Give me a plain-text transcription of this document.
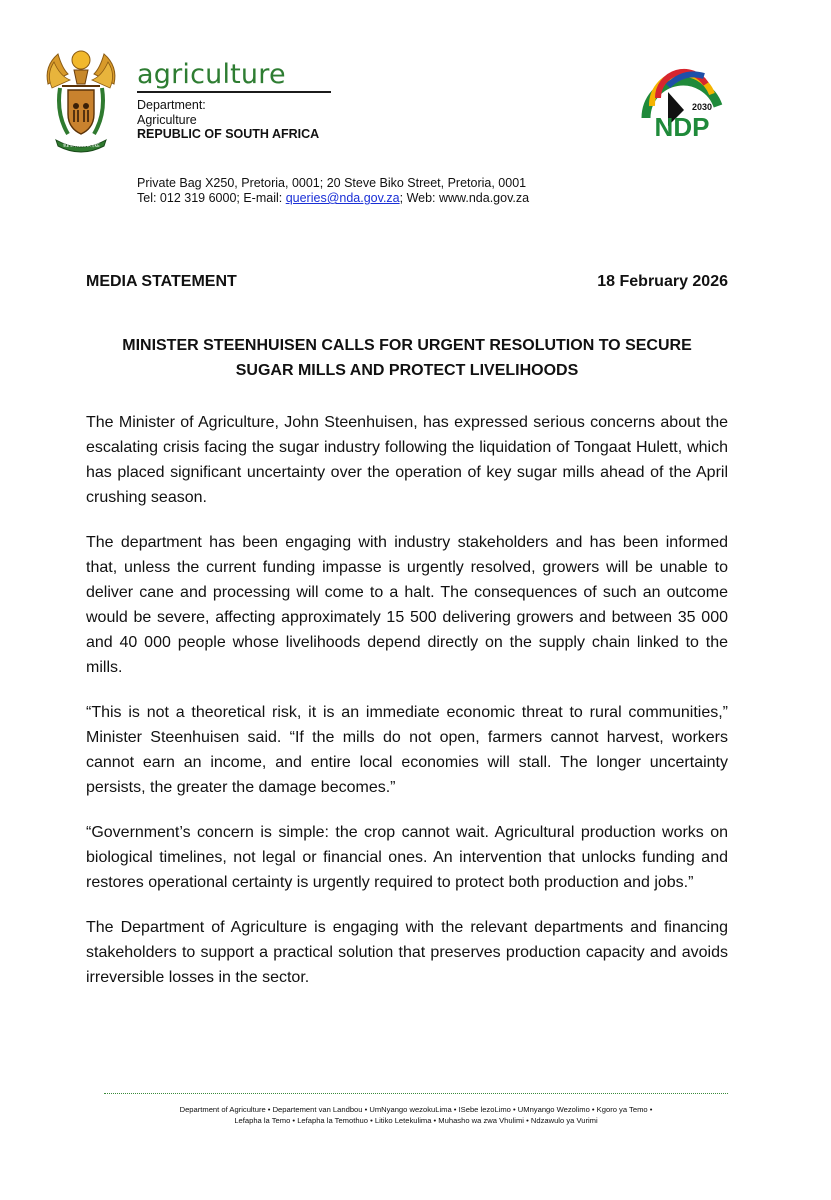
!KE E: /XARRA //KE
agriculture
Department:
Agriculture
REPUBLIC OF SOUTH AFRICA
2030
NDP
Private Bag X250, Pretoria, 0001; 20 Steve Biko Street, Pretoria, 0001
Tel: 012 319 6000; E-mail: queries@nda.gov.za; Web: www.nda.gov.za
MEDIA STATEMENT	18 February 2026
MINISTER STEENHUISEN CALLS FOR URGENT RESOLUTION TO SECURE
SUGAR MILLS AND PROTECT LIVELIHOODS

The Minister of Agriculture, John Steenhuisen, has expressed serious concerns about the escalating crisis facing the sugar industry following the liquidation of Tongaat Hulett, which has placed significant uncertainty over the operation of key sugar mills ahead of the April crushing season.

The department has been engaging with industry stakeholders and has been informed that, unless the current funding impasse is urgently resolved, growers will be unable to deliver cane and processing will come to a halt. The consequences of such an outcome would be severe, affecting approximately 15 500 delivering growers and between 35 000 and 40 000 people whose livelihoods depend directly on the supply chain linked to the mills.

“This is not a theoretical risk, it is an immediate economic threat to rural communities,” Minister Steenhuisen said. “If the mills do not open, farmers cannot harvest, workers cannot earn an income, and entire local economies will stall. The longer uncertainty persists, the greater the damage becomes.”

“Government’s concern is simple: the crop cannot wait. Agricultural production works on biological timelines, not legal or financial ones. An intervention that unlocks funding and restores operational certainty is urgently required to protect both production and jobs.”

The Department of Agriculture is engaging with the relevant departments and financing stakeholders to support a practical solution that preserves production capacity and avoids irreversible losses in the sector.

Department of Agriculture • Departement van Landbou • UmNyango wezokuLima • ISebe lezoLimo • UMnyango Wezolimo • Kgoro ya Temo •
Lefapha la Temo • Lefapha la Temothuo • Litiko Letekulima • Muhasho wa zwa Vhulimi • Ndzawulo ya Vurimi
